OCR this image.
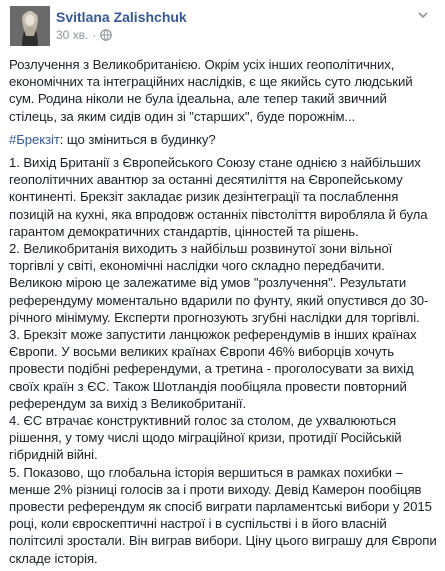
Svitlana Zalishchuk
30 хв. ·

Розлучення з Великобританією. Окрім усіх інших геополітичних, економічних та інтеграційних наслідків, є ще якийсь суто людський сум. Родина ніколи не була ідеальна, але тепер такий звичний стілець, за яким сидів один зі "старших", буде порожнім...

#Брекзіт: що зміниться в будинку?

1. Вихід Британії з Європейського Союзу стане однією з найбільших геополітичних авантюр за останні десятиліття на Європейському континенті. Брекзіт закладає ризик дезінтеграції та послаблення позицій на кухні, яка впродовж останніх півстоліття вироблялa й була гарантом демократичних стандартів, цінностей та рішень.

2. Великобританія виходить з найбільш розвинутої зони вільної торгівлі у світі, економічні наслідки чого складно передбачити. Великою мірою це залежатиме від умов "розлучення". Результати референдуму моментально вдарили по фунту, який опустився до 30-річного мінімуму. Експерти прогнозують згубні наслідки для торгівлі.

3. Брекзіт може запустити ланцюжок референдумів в інших країнах Європи. У восьми великих країнах Європи 46% виборців хочуть провести подібні референдуми, а третина - проголосувати за вихід своїх країн з ЄС. Також Шотландія пообіцяла провести повторний референдум за вихід з Великобританії.

4. ЄС втрачає конструктивний голос за столом, де ухвалюються рішення, у тому числі щодо міграційної кризи, протидії Російській гібридній війні.

5. Показово, що глобальна історія вершиться в рамках похибки – менше 2% різниці голосів за і проти виходу. Девід Камерон пообіцяв провести референдум як спосіб виграти парламентські вибори у 2015 році, коли євроскептичні настрої і в суспільстві і в його власній політсилі зростали. Він виграв вибори. Ціну цього виграшу для Європи складе історія.
